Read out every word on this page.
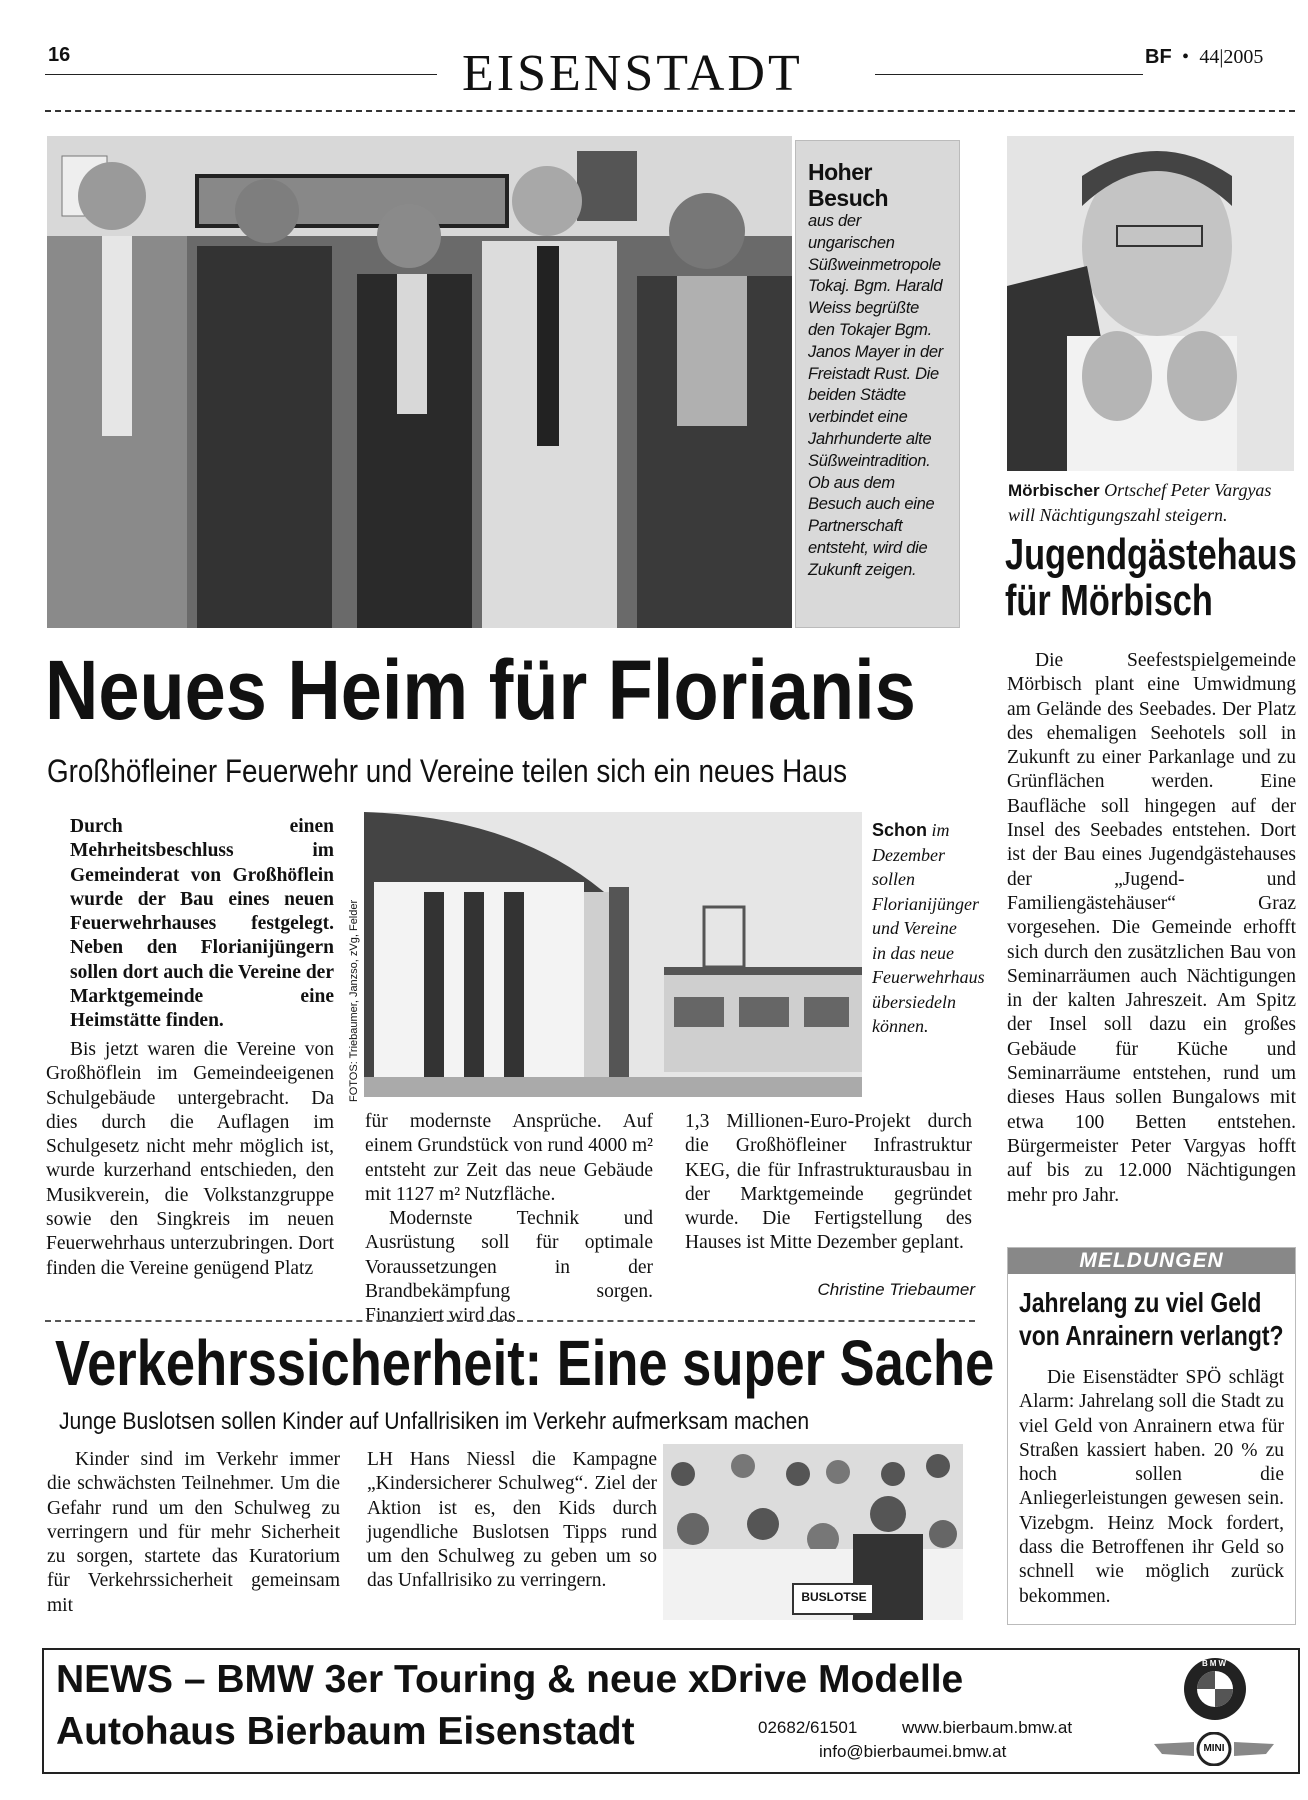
16	EISENSTADT	BF • 44|2005
Hoher Besuch
aus der ungarischen Süßweinmetropole Tokaj. Bgm. Harald Weiss begrüßte den Tokajer Bgm. Janos Mayer in der Freistadt Rust. Die beiden Städte verbindet eine Jahrhunderte alte Süßweintradition. Ob aus dem Besuch auch eine Partnerschaft entsteht, wird die Zukunft zeigen.
Neues Heim für Florianis
Großhöfleiner Feuerwehr und Vereine teilen sich ein neues Haus
Durch einen Mehrheitsbeschluss im Gemeinderat von Großhöflein wurde der Bau eines neuen Feuerwehrhauses festgelegt. Neben den Florianijüngern sollen dort auch die Vereine der Marktgemeinde eine Heimstätte finden.
Bis jetzt waren die Vereine von Großhöflein im Gemeindeeigenen Schulgebäude untergebracht. Da dies durch die Auflagen im Schulgesetz nicht mehr möglich ist, wurde kurzerhand entschieden, den Musikverein, die Volkstanzgruppe sowie den Singkreis im neuen Feuerwehrhaus unterzubringen. Dort finden die Vereine genügend Platz
FOTOS: Triebaumer, Janzso, zVg, Felder
Schon im Dezember sollen Florianijünger und Vereine in das neue Feuerwehrhaus übersiedeln können.
für modernste Ansprüche. Auf einem Grundstück von rund 4000 m² entsteht zur Zeit das neue Gebäude mit 1127 m² Nutzfläche.
Modernste Technik und Ausrüstung soll für optimale Voraussetzungen in der Brandbekämpfung sorgen. Finanziert wird das
1,3 Millionen-Euro-Projekt durch die Großhöfleiner Infrastruktur KEG, die für Infrastrukturausbau in der Marktgemeinde gegründet wurde. Die Fertigstellung des Hauses ist Mitte Dezember geplant.
Christine Triebaumer
Mörbischer Ortschef Peter Vargyas will Nächtigungszahl steigern.
Jugendgästehaus
für Mörbisch
Die Seefestspielgemeinde Mörbisch plant eine Umwidmung am Gelände des Seebades. Der Platz des ehemaligen Seehotels soll in Zukunft zu einer Parkanlage und zu Grünflächen werden. Eine Baufläche soll hingegen auf der Insel des Seebades entstehen. Dort ist der Bau eines Jugendgästehauses der „Jugend- und Familiengästehäuser“ Graz vorgesehen. Die Gemeinde erhofft sich durch den zusätzlichen Bau von Seminarräumen auch Nächtigungen in der kalten Jahreszeit. Am Spitz der Insel soll dazu ein großes Gebäude für Küche und Seminarräume entstehen, rund um dieses Haus sollen Bungalows mit etwa 100 Betten entstehen. Bürgermeister Peter Vargyas hofft auf bis zu 12.000 Nächtigungen mehr pro Jahr.
MELDUNGEN
Jahrelang zu viel Geld von Anrainern verlangt?
Die Eisenstädter SPÖ schlägt Alarm: Jahrelang soll die Stadt zu viel Geld von Anrainern etwa für Straßen kassiert haben. 20 % zu hoch sollen die Anliegerleistungen gewesen sein. Vizebgm. Heinz Mock fordert, dass die Betroffenen ihr Geld so schnell wie möglich zurück bekommen.
Verkehrssicherheit: Eine super Sache
Junge Buslotsen sollen Kinder auf Unfallrisiken im Verkehr aufmerksam machen
Kinder sind im Verkehr immer die schwächsten Teilnehmer. Um die Gefahr rund um den Schulweg zu verringern und für mehr Sicherheit zu sorgen, startete das Kuratorium für Verkehrssicherheit gemeinsam mit
LH Hans Niessl die Kampagne „Kindersicherer Schulweg“. Ziel der Aktion ist es, den Kids durch jugendliche Buslotsen Tipps rund um den Schulweg zu geben um so das Unfallrisiko zu verringern.
BUSLOTSE
NEWS – BMW 3er Touring & neue xDrive Modelle
Autohaus Bierbaum Eisenstadt	02682/61501	www.bierbaum.bmw.at
info@bierbaumei.bmw.at
BMW
MINI
